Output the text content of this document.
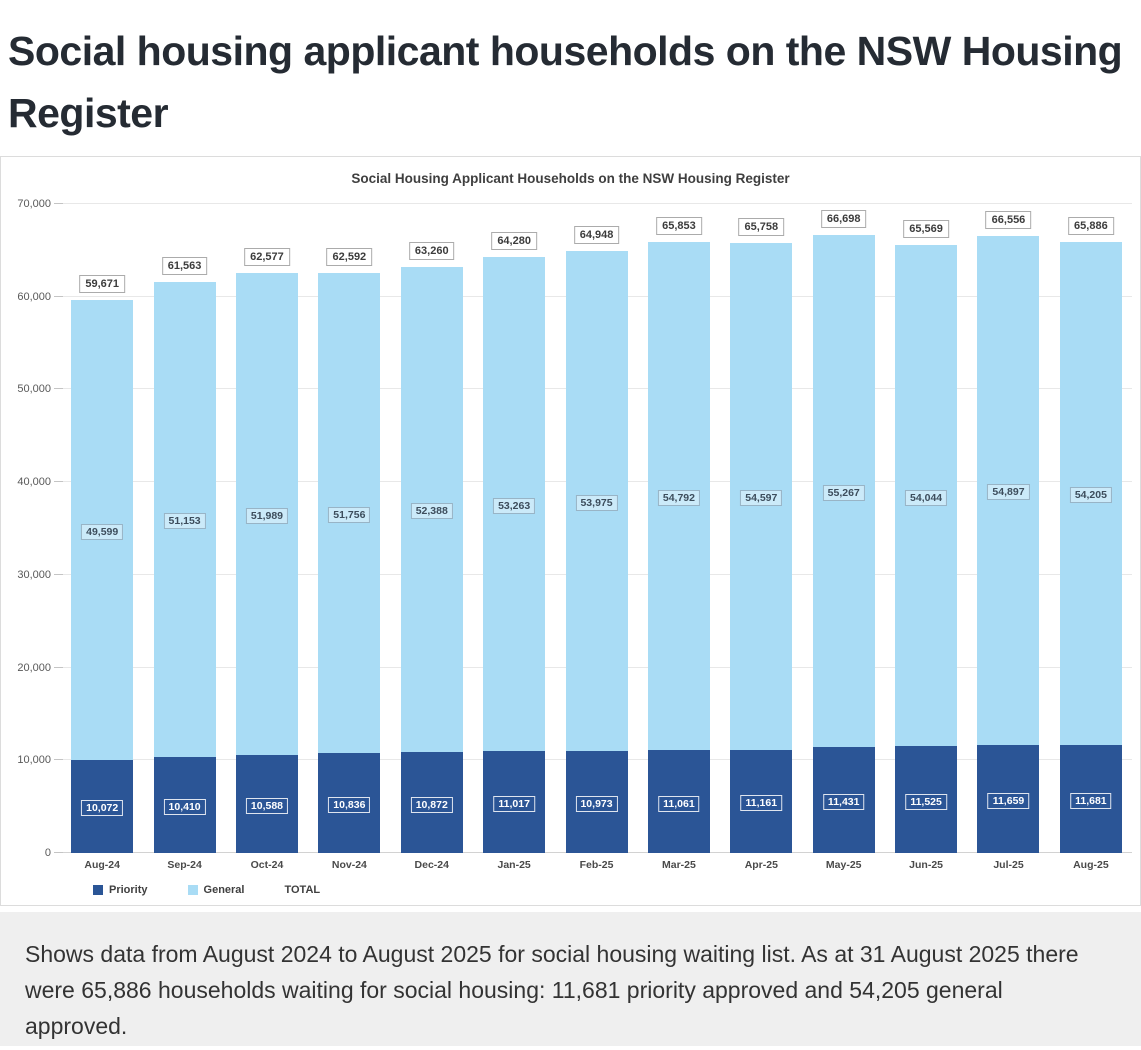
Social housing applicant households on the NSW Housing Register
Social Housing Applicant Households on the NSW Housing Register
0
10,000
20,000
30,000
40,000
50,000
60,000
70,000
59,671
49,599
10,072
61,563
51,153
10,410
62,577
51,989
10,588
62,592
51,756
10,836
63,260
52,388
10,872
64,280
53,263
11,017
64,948
53,975
10,973
65,853
54,792
11,061
65,758
54,597
11,161
66,698
55,267
11,431
65,569
54,044
11,525
66,556
54,897
11,659
65,886
54,205
11,681
Aug-24	Sep-24	Oct-24	Nov-24	Dec-24	Jan-25	Feb-25	Mar-25	Apr-25	May-25	Jun-25	Jul-25	Aug-25
Priority	General	TOTAL

Shows data from August 2024 to August 2025 for social housing waiting list. As at 31 August 2025 there were 65,886 households waiting for social housing: 11,681 priority approved and 54,205 general approved.
